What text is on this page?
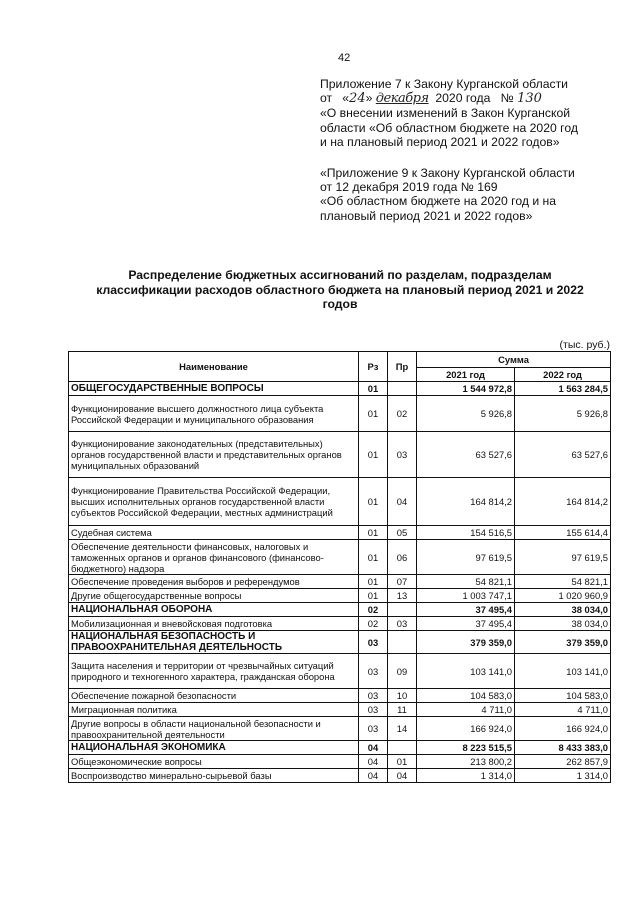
42
Приложение 7 к Закону Курганской области
от «24» декабря 2020 года № 130
«О внесении изменений в Закон Курганской
области «Об областном бюджете на 2020 год
и на плановый период 2021 и 2022 годов»
«Приложение 9 к Закону Курганской области
от 12 декабря 2019 года № 169
«Об областном бюджете на 2020 год и на
плановый период 2021 и 2022 годов»
Распределение бюджетных ассигнований по разделам, подразделам
классификации расходов областного бюджета на плановый период 2021 и 2022
годов
(тыс. руб.)
Наименование	Рз	Пр	Сумма	
			2021 год	2022 год
ОБЩЕГОСУДАРСТВЕННЫЕ ВОПРОСЫ	01		1 544 972,8	1 563 284,5
Функционирование высшего должностного лица субъекта Российской Федерации и муниципального образования	01	02	5 926,8	5 926,8
Функционирование законодательных (представительных) органов государственной власти и представительных органов муниципальных образований	01	03	63 527,6	63 527,6
Функционирование Правительства Российской Федерации, высших исполнительных органов государственной власти субъектов Российской Федерации, местных администраций	01	04	164 814,2	164 814,2
Судебная система	01	05	154 516,5	155 614,4
Обеспечение деятельности финансовых, налоговых и таможенных органов и органов финансового (финансово-бюджетного) надзора	01	06	97 619,5	97 619,5
Обеспечение проведения выборов и референдумов	01	07	54 821,1	54 821,1
Другие общегосударственные вопросы	01	13	1 003 747,1	1 020 960,9
НАЦИОНАЛЬНАЯ ОБОРОНА	02		37 495,4	38 034,0
Мобилизационная и вневойсковая подготовка	02	03	37 495,4	38 034,0
НАЦИОНАЛЬНАЯ БЕЗОПАСНОСТЬ И ПРАВООХРАНИТЕЛЬНАЯ ДЕЯТЕЛЬНОСТЬ	03		379 359,0	379 359,0
Защита населения и территории от чрезвычайных ситуаций природного и техногенного характера, гражданская оборона	03	09	103 141,0	103 141,0
Обеспечение пожарной безопасности	03	10	104 583,0	104 583,0
Миграционная политика	03	11	4 711,0	4 711,0
Другие вопросы в области национальной безопасности и правоохранительной деятельности	03	14	166 924,0	166 924,0
НАЦИОНАЛЬНАЯ ЭКОНОМИКА	04		8 223 515,5	8 433 383,0
Общеэкономические вопросы	04	01	213 800,2	262 857,9
Воспроизводство минерально-сырьевой базы	04	04	1 314,0	1 314,0
